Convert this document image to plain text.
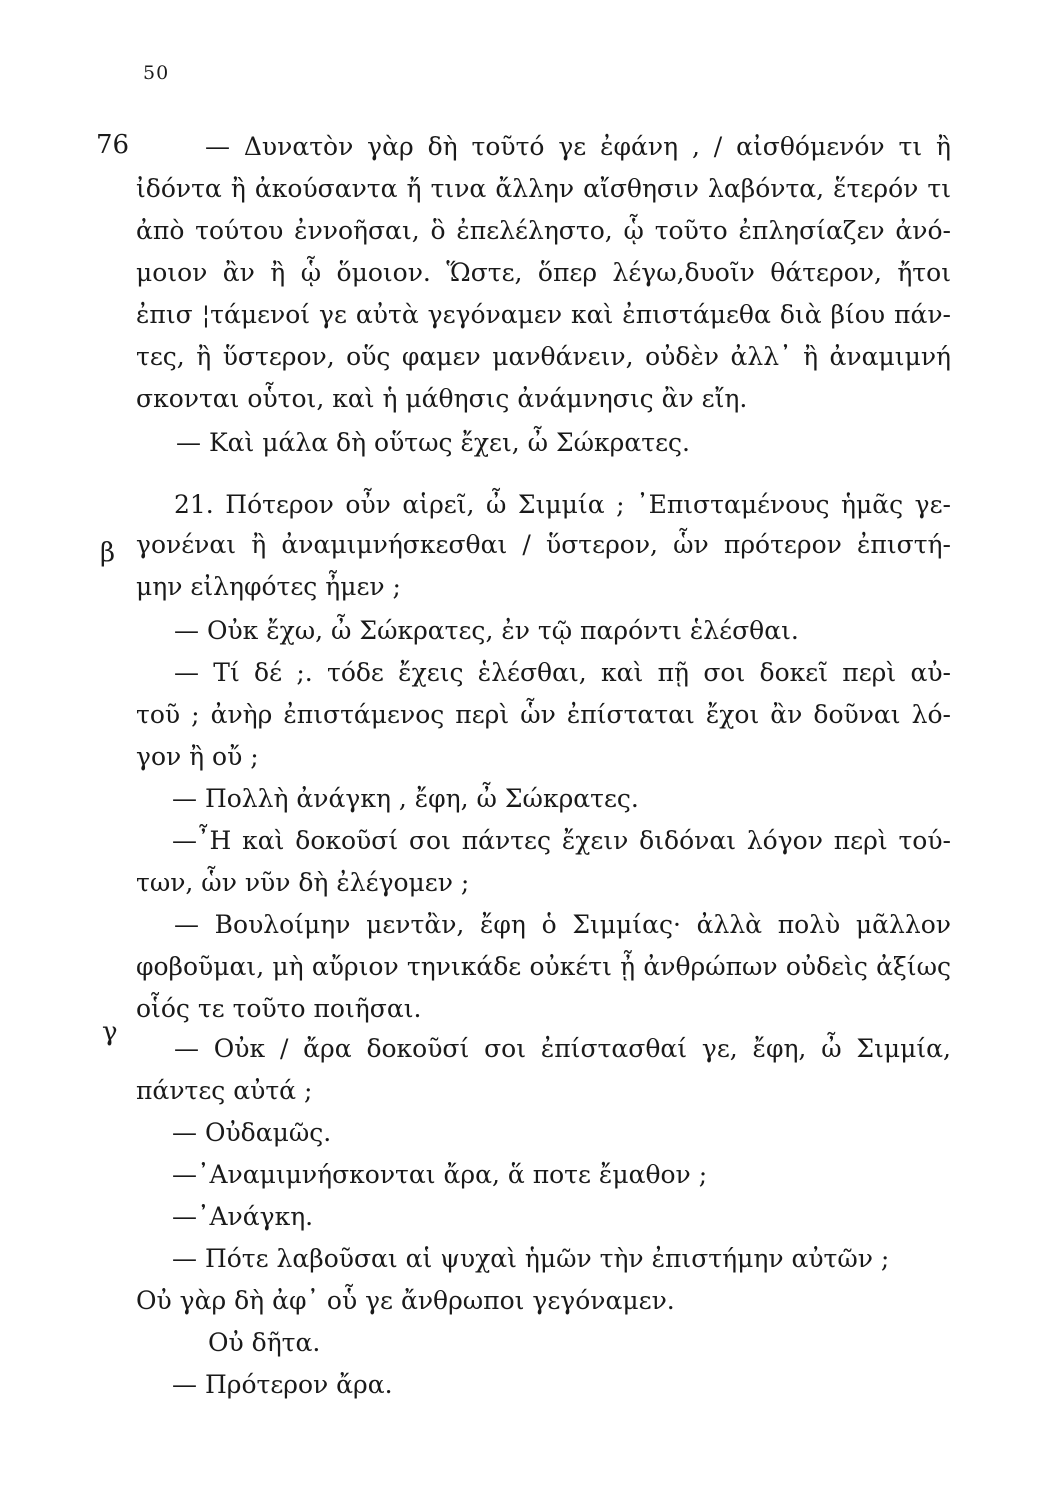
50
76
β
γ
— Δυνατὸν γὰρ δὴ τοῦτό γε ἐφάνη , / αἰσθόμενόν τι ἢ
ἰδόντα ἢ ἀκούσαντα ἤ τινα ἄλλην αἴσθησιν λαβόντα, ἕτερόν τι
ἀπὸ τούτου ἐννοῆσαι, ὃ ἐπελέληστο, ᾧ τοῦτο ἐπλησίαζεν ἀνό-
μοιον ἂν ἢ ᾧ ὅμοιον. Ὥστε, ὅπερ λέγω,δυοῖν θάτερον, ἤτοι
ἐπισ ¦τάμενοί γε αὐτὰ γεγόναμεν καὶ ἐπιστάμεθα διὰ βίου πάν-
τες, ἢ ὕστερον, οὕς φαμεν μανθάνειν, οὐδὲν ἀλλ᾽ ἢ ἀναμιμνή
σκονται οὗτοι, καὶ ἡ μάθησις ἀνάμνησις ἂν εἴη.
— Καὶ μάλα δὴ οὕτως ἔχει, ὦ Σώκρατες.
21. Πότερον οὖν αἱρεῖ, ὦ Σιμμία ; ᾿Επισταμένους ἡμᾶς γε-
γονέναι ἢ ἀναμιμνήσκεσθαι / ὕστερον, ὧν πρότερον ἐπιστή-
μην εἰληφότες ἦμεν ;
— Οὐκ ἔχω, ὦ Σώκρατες, ἐν τῷ παρόντι ἑλέσθαι.
— Τί δέ ;. τόδε ἔχεις ἑλέσθαι, καὶ πῇ σοι δοκεῖ περὶ αὐ-
τοῦ ; ἀνὴρ ἐπιστάμενος περὶ ὧν ἐπίσταται ἔχοι ἂν δοῦναι λό-
γον ἢ οὔ ;
— Πολλὴ ἀνάγκη , ἔφη, ὦ Σώκρατες.
—῏Η καὶ δοκοῦσί σοι πάντες ἔχειν διδόναι λόγον περὶ τού-
των, ὧν νῦν δὴ ἐλέγομεν ;
— Βουλοίμην μεντἂν, ἔφη ὁ Σιμμίας· ἀλλὰ πολὺ μᾶλλον
φοβοῦμαι, μὴ αὔριον τηνικάδε οὐκέτι ᾖ ἀνθρώπων οὐδεὶς ἀξίως
οἷός τε τοῦτο ποιῆσαι.
— Οὐκ / ἄρα δοκοῦσί σοι ἐπίστασθαί γε, ἔφη, ὦ Σιμμία,
πάντες αὐτά ;
— Οὐδαμῶς.
—᾿Αναμιμνήσκονται ἄρα, ἅ ποτε ἔμαθον ;
—᾿Ανάγκη.
— Πότε λαβοῦσαι αἱ ψυχαὶ ἡμῶν τὴν ἐπιστήμην αὐτῶν ;
Οὐ γὰρ δὴ ἀφ᾽ οὗ γε ἄνθρωποι γεγόναμεν.
Οὐ δῆτα.
— Πρότερον ἄρα.
